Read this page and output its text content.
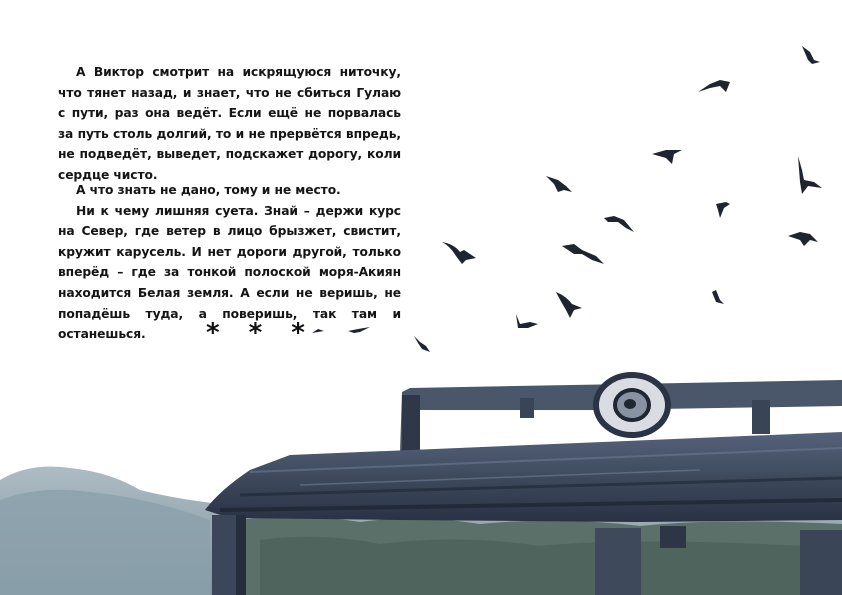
А Виктор смотрит на искрящуюся ниточку, что тянет назад, и знает, что не сбиться Гулаю с пути, раз она ведёт. Если ещё не порвалась за путь столь долгий, то и не прервётся впредь, не подведёт, выведет, подскажет дорогу, коли сердце чисто.

А что знать не дано, тому и не место.

Ни к чему лишняя суета. Знай – держи курс на Север, где ветер в лицо брызжет, свистит, кружит карусель. И нет дороги другой, только вперёд – где за тонкой полоской моря-Акиян находится Белая земля. А если не веришь, не попадёшь туда, а поверишь, так там и останешься.	* * *
